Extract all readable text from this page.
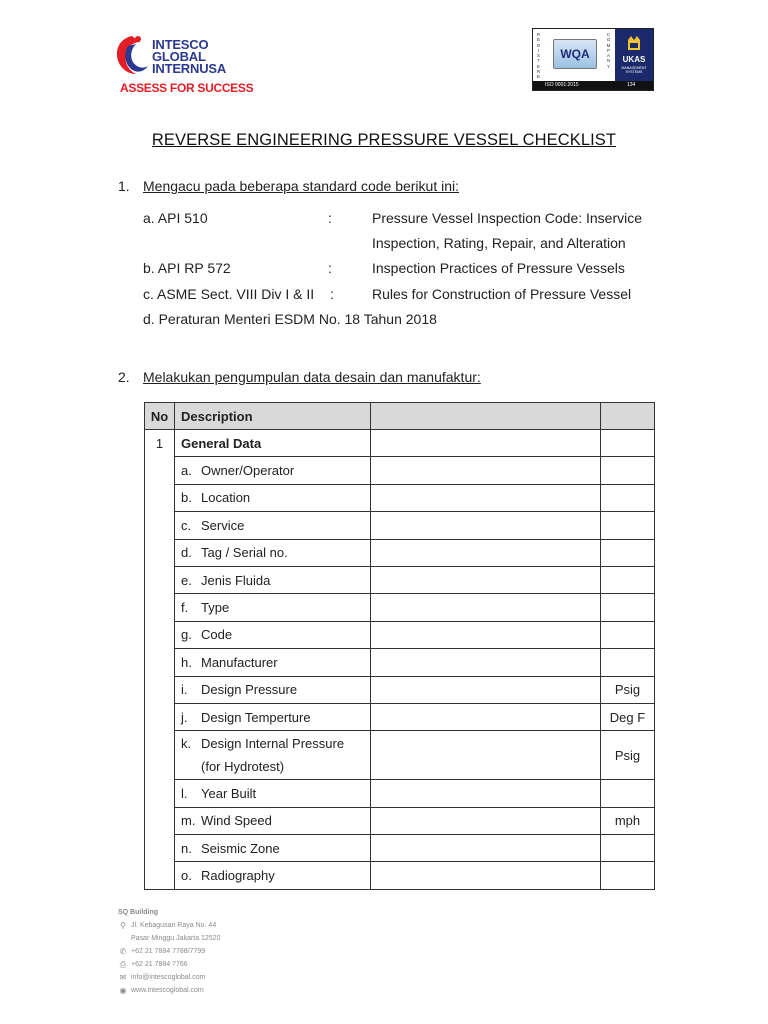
INTESCO
GLOBAL
INTERNUSA
ASSESS FOR SUCCESS
R
E
G
I
S
T
E
R
E

WQA
C
O
M
P
A
N
Y
UKAS
MANAGEMENT SYSTEMS
ISO 9001:2015	134
REVERSE ENGINEERING PRESSURE VESSEL CHECKLIST
1. Mengacu pada beberapa standard code berikut ini:
a. API 510	:	Pressure Vessel Inspection Code: Inservice
Inspection, Rating, Repair, and Alteration
b. API RP 572	:	Inspection Practices of Pressure Vessels
c. ASME Sect. VIII Div I & II :	Rules for Construction of Pressure Vessel
d. Peraturan Menteri ESDM No. 18 Tahun 2018
2. Melakukan pengumpulan data desain dan manufaktur:
No	Description		
1	General Data		
	a. Owner/Operator		
	b. Location		
	c. Service		
	d. Tag / Serial no.		
	e. Jenis Fluida		
	f. Type		
	g. Code		
	h. Manufacturer		
	i. Design Pressure		Psig
	j. Design Temperture		Deg F
	k. Design Internal Pressure
(for Hydrotest)		Psig
	l. Year Built		
	m. Wind Speed		mph
	n. Seismic Zone		
	o. Radiography		
SQ Building
⚲ Jl. Kebagusan Raya No. 44
Pasar Minggu Jakarta 12520
✆ +62 21 7884 7788/7799
⎙ +62 21 7884 7766
✉ info@intescoglobal.com
◉ www.intescoglobal.com
